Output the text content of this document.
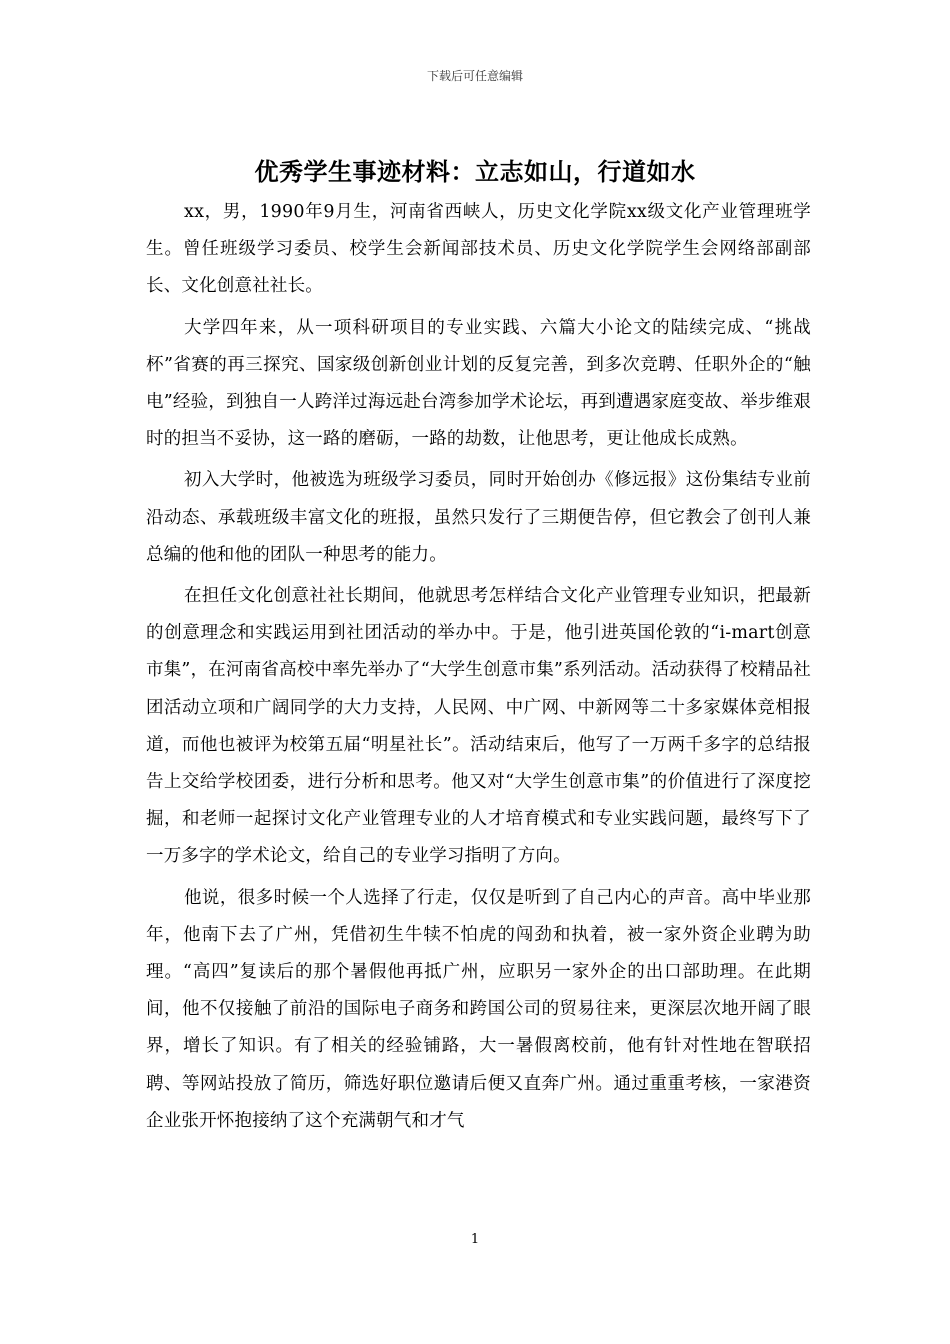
下载后可任意编辑
优秀学生事迹材料：立志如山，行道如水

xx，男，1990年9月生，河南省西峡人，历史文化学院xx级文化产业管理班学生。曾任班级学习委员、校学生会新闻部技术员、历史文化学院学生会网络部副部长、文化创意社社长。

大学四年来，从一项科研项目的专业实践、六篇大小论文的陆续完成、“挑战杯”省赛的再三探究、国家级创新创业计划的反复完善，到多次竞聘、任职外企的“触电”经验，到独自一人跨洋过海远赴台湾参加学术论坛，再到遭遇家庭变故、举步维艰时的担当不妥协，这一路的磨砺，一路的劫数，让他思考，更让他成长成熟。

初入大学时，他被选为班级学习委员，同时开始创办《修远报》这份集结专业前沿动态、承载班级丰富文化的班报，虽然只发行了三期便告停，但它教会了创刊人兼总编的他和他的团队一种思考的能力。

在担任文化创意社社长期间，他就思考怎样结合文化产业管理专业知识，把最新的创意理念和实践运用到社团活动的举办中。于是，他引进英国伦敦的“i-mart创意市集”，在河南省高校中率先举办了“大学生创意市集”系列活动。活动获得了校精品社团活动立项和广阔同学的大力支持，人民网、中广网、中新网等二十多家媒体竞相报道，而他也被评为校第五届“明星社长”。活动结束后，他写了一万两千多字的总结报告上交给学校团委，进行分析和思考。他又对“大学生创意市集”的价值进行了深度挖掘，和老师一起探讨文化产业管理专业的人才培育模式和专业实践问题，最终写下了一万多字的学术论文，给自己的专业学习指明了方向。

他说，很多时候一个人选择了行走，仅仅是听到了自己内心的声音。高中毕业那年，他南下去了广州，凭借初生牛犊不怕虎的闯劲和执着，被一家外资企业聘为助理。“高四”复读后的那个暑假他再抵广州，应职另一家外企的出口部助理。在此期间，他不仅接触了前沿的国际电子商务和跨国公司的贸易往来，更深层次地开阔了眼界，增长了知识。有了相关的经验铺路，大一暑假离校前，他有针对性地在智联招聘、等网站投放了简历，筛选好职位邀请后便又直奔广州。通过重重考核，一家港资企业张开怀抱接纳了这个充满朝气和才气

1
